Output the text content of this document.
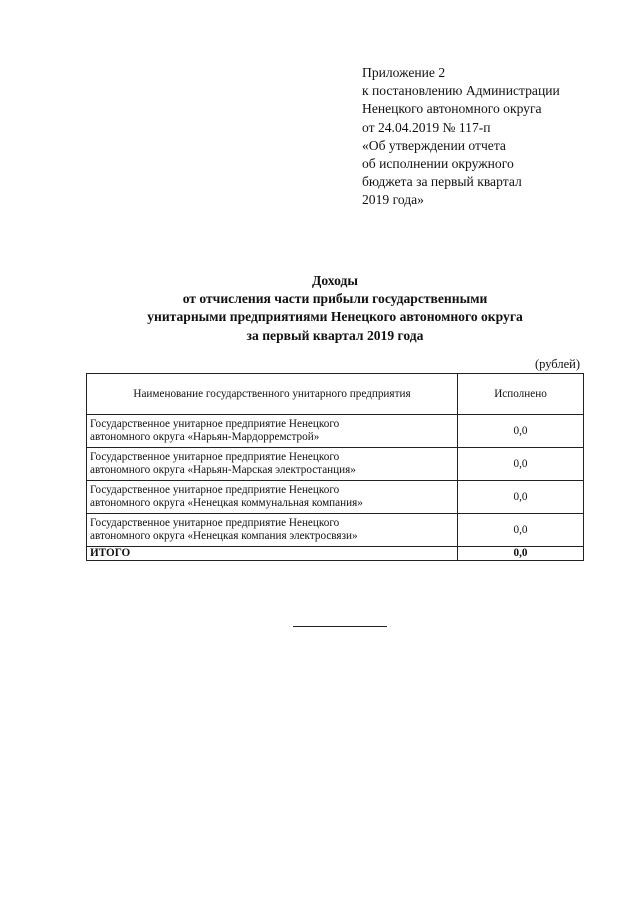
Приложение 2
к постановлению Администрации
Ненецкого автономного округа
от 24.04.2019 № 117-п
«Об утверждении отчета
об исполнении окружного
бюджета за первый квартал
2019 года»
Доходы
от отчисления части прибыли государственными
унитарными предприятиями Ненецкого автономного округа
за первый квартал 2019 года
(рублей)
Наименование государственного унитарного предприятия	Исполнено

Государственное унитарное предприятие Ненецкого
автономного округа «Нарьян-Мардорремстрой»	0,0

Государственное унитарное предприятие Ненецкого
автономного округа «Нарьян-Марская электростанция»	0,0

Государственное унитарное предприятие Ненецкого
автономного округа «Ненецкая коммунальная компания»	0,0

Государственное унитарное предприятие Ненецкого
автономного округа «Ненецкая компания электросвязи»	0,0
ИТОГО	0,0
